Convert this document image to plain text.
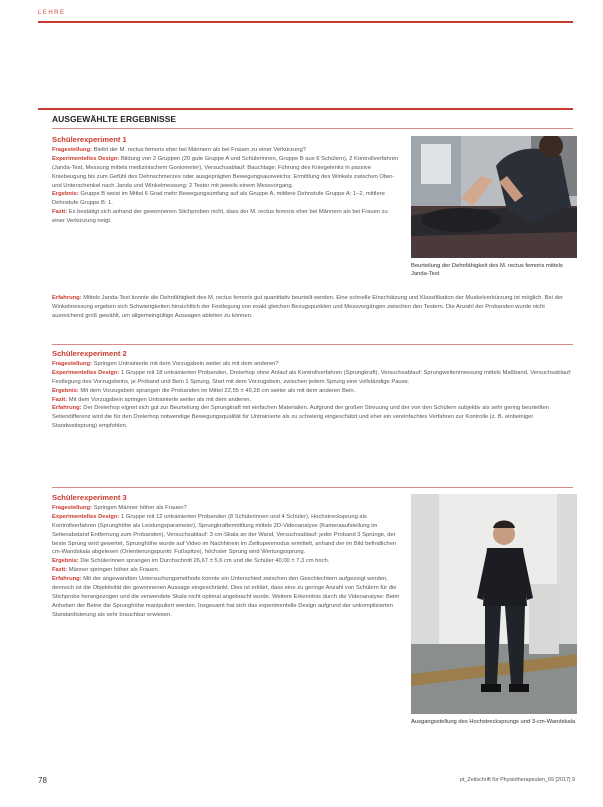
LEHRE
AUSGEWÄHLTE ERGEBNISSE
Beurteilung der Dehnfähigkeit des M. rectus femoris mittels Janda-Test
Schülerexperiment 1

Fragestellung: Bleibt der M. rectus femoris eher bei Männern als bei Frauen zu einer Verkürzung?

Experimentelles Design: Bildung von 2 Gruppen (20 gute Gruppe A und Schülerinnen, Gruppe B aus 6 Schülern), 2 Kontrollverfahren (Janda-Test, Messung mittels medizinischem Goniometer), Versuchsablauf: Bauchlage; Führung des Kniegelenks in passive Kniebeugung bis zum Gefühl des Dehnschmerzes oder ausgeprägten Bewegungsausweichs; Ermittlung des Winkels zwischen Ober- und Unterschenkel nach Janda und Winkelmessung; 2 Tester mit jeweils einem Messvorgang.

Ergebnis: Gruppe B weist im Mittel 6 Grad mehr Bewegungsumfang auf als Gruppe A, mittlere Dehnstufe Gruppe A: 1–2, mittlere Dehnstufe Gruppe B: 1.

Fazit: Es bestätigt sich anhand der gewonnenen Stichproben nicht, dass der M. rectus femoris eher bei Männern als bei Frauen zu einer Verkürzung neigt.

Erfahrung: Mittels Janda-Test konnte die Dehnfähigkeit des M. rectus femoris gut quantitativ beurteilt werden. Eine schnelle Einschätzung und Klassifikation der Muskelverkürzung ist möglich. Bei der Winkelmessung ergeben sich Schwierigkeiten hinsichtlich der Festlegung von exakt gleichen Bezugspunkten und Messvorgängen zwischen den Testern. Die Anzahl der Probanden wurde nicht ausreichend groß gewählt, um allgemeingültige Aussagen ableiten zu können.

Schülerexperiment 2

Fragestellung: Springen Untrainierte mit dem Vorzugsbein weiter als mit dem anderen?

Experimentelles Design: 1 Gruppe mit 18 untrainierten Probanden, Dreierhop ohne Anlauf als Kontrollverfahren (Sprungkraft), Versuchsablauf: Sprungweitenmessung mittels Maßband, Versuchsablauf: Festlegung des Vorzugsbeins, je Proband und Bein 1 Sprung, Start mit dem Vorzugsbein, zwischen jedem Sprung eine vollständige Pause.

Ergebnis: Mit dem Vorzugsbein sprangen die Probanden im Mittel 22,55 ± 49,28 cm weiter als mit dem anderen Bein.

Fazit: Mit dem Vorzugsbein springen Untrainierte weiter als mit dem anderen.

Erfahrung: Der Dreierhop eignet sich gut zur Beurteilung der Sprungkraft mit einfachen Materialien. Aufgrund der großen Streuung und der von den Schülern subjektiv als sehr gering beurteilten Seitendifferenz wird die für den Dreierhop notwendige Bewegungsqualität für Untrainierte als zu schwierig eingeschätzt und eher ein vereinfachtes Verfahren zur Kontrolle (z. B. einbeiniger Standweitsprung) empfohlen.

Ausgangsstellung des Hochstrecksprungs und 3-cm-Wandskala
Schülerexperiment 3

Fragestellung: Springen Männer höher als Frauen?

Experimentelles Design: 1 Gruppe mit 12 untrainierten Probanden (8 Schülerinnen und 4 Schüler), Hochstrecksprung als Kontrollverfahren (Sprunghöhe als Leistungsparameter), Sprungkraftermittlung mittels 2D-Videoanalyse (Kameraaufstellung im Seitenabstand Entfernung zum Probanden), Versuchsablauf: 3 cm-Skala an der Wand, Versuchsablauf: jeder Proband 3 Sprünge, der beste Sprung wird gewertet, Sprunghöhe wurde auf Video im Nachhinein im Zeitlupenmodus ermittelt, anhand der im Bild befindlichen cm-Wandskala abgelesen (Orientierungspunkt: Fußspitze), höchster Sprung wird Wertungssprung.

Ergebnis: Die Schülerinnen sprangen im Durchschnitt 26,67 ± 5,6 cm und die Schüler 40,00 ± 7,3 cm hoch.

Fazit: Männer springen höher als Frauen.

Erfahrung: Mit der angewandten Untersuchungsmethode konnte ein Unterschied zwischen den Geschlechtern aufgezeigt werden, dennoch ist die Objektivität der gewonnenen Aussage eingeschränkt. Dies ist erklärt, dass eine zu geringe Anzahl von Schülern für die Stichprobe herangezogen und die verwendete Skala nicht optimal angebracht wurde. Weitere Erkenntnis durch die Videoanalyse: Beim Anheben der Beine die Sprunghöhe manipuliert werden. Insgesamt hat sich das experimentelle Design aufgrund der unkomplizierten Standardisierung als sehr brauchbar erwiesen.

78	pt_Zeitschrift für Physiotherapeuten_69 [2017] 9
